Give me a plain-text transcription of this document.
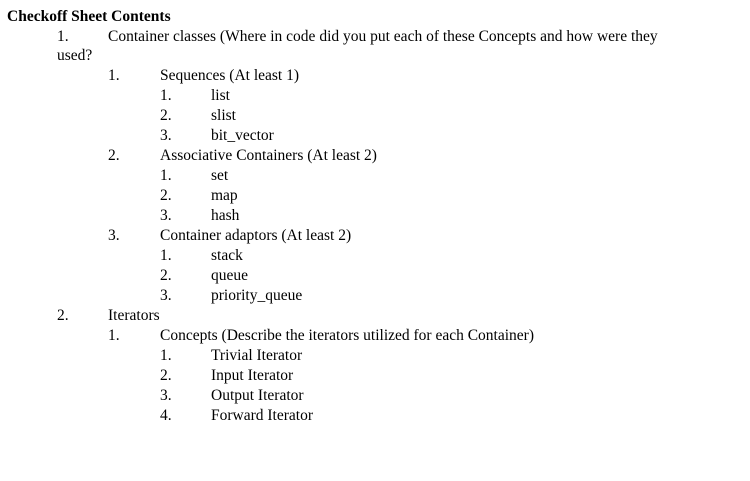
Checkoff Sheet Contents
1.	Container classes (Where in code did you put each of these Concepts and how were they
used?
1.	Sequences (At least 1)
1.	list
2.	slist
3.	bit_vector
2.	Associative Containers (At least 2)
1.	set
2.	map
3.	hash
3.	Container adaptors (At least 2)
1.	stack
2.	queue
3.	priority_queue
2.	Iterators
1.	Concepts (Describe the iterators utilized for each Container)
1.	Trivial Iterator
2.	Input Iterator
3.	Output Iterator
4.	Forward Iterator
